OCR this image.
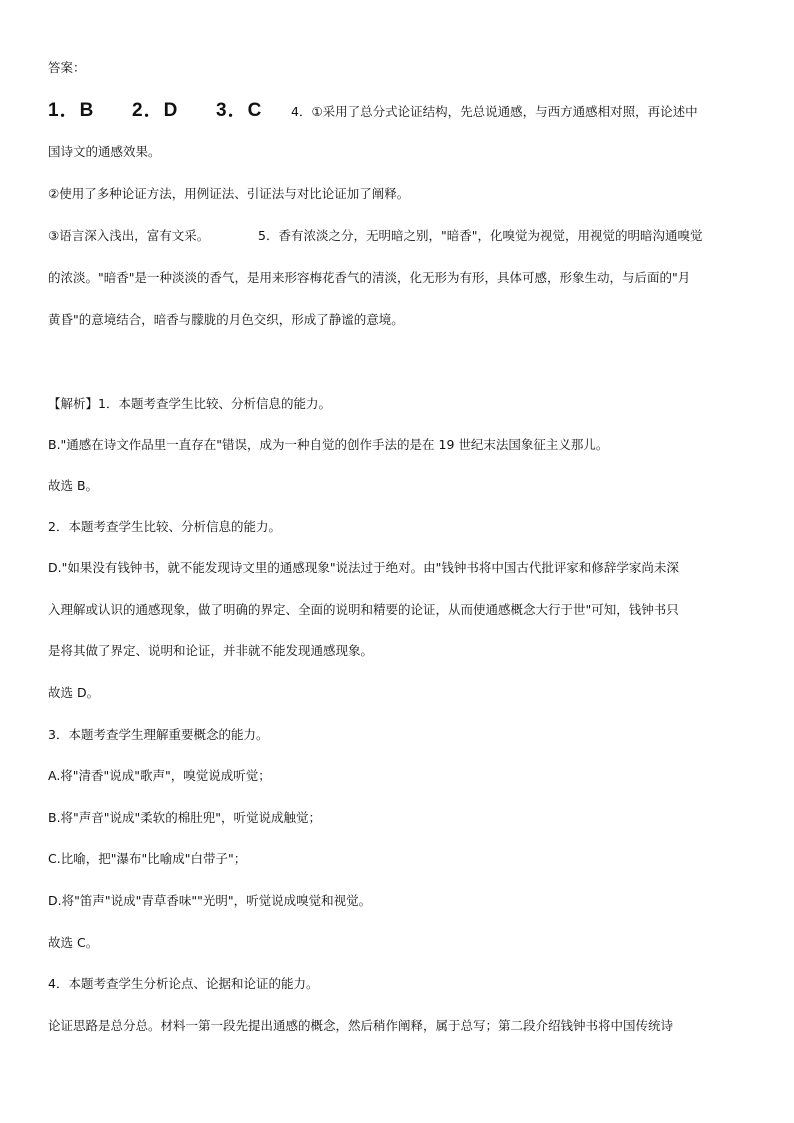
答案：
1．B 2．D 3．C 4．①采用了总分式论证结构，先总说通感，与西方通感相对照，再论述中
国诗文的通感效果。
②使用了多种论证方法，用例证法、引证法与对比论证加了阐释。
③语言深入浅出，富有文采。	5．香有浓淡之分，无明暗之别，"暗香"，化嗅觉为视觉，用视觉的明暗沟通嗅觉
的浓淡。"暗香"是一种淡淡的香气，是用来形容梅花香气的清淡，化无形为有形，具体可感，形象生动，与后面的"月
黄昏"的意境结合，暗香与朦胧的月色交织，形成了静谧的意境。
【解析】1．本题考查学生比较、分析信息的能力。
B."通感在诗文作品里一直存在"错误，成为一种自觉的创作手法的是在 19 世纪末法国象征主义那儿。
故选 B。
2．本题考查学生比较、分析信息的能力。
D."如果没有钱钟书，就不能发现诗文里的通感现象"说法过于绝对。由"钱钟书将中国古代批评家和修辞学家尚未深
入理解或认识的通感现象，做了明确的界定、全面的说明和精要的论证，从而使通感概念大行于世"可知，钱钟书只
是将其做了界定、说明和论证，并非就不能发现通感现象。
故选 D。
3．本题考查学生理解重要概念的能力。
A.将"清香"说成"歌声"，嗅觉说成听觉；
B.将"声音"说成"柔软的棉肚兜"，听觉说成触觉；
C.比喻，把"瀑布"比喻成"白带子"；
D.将"笛声"说成"青草香味""光明"，听觉说成嗅觉和视觉。
故选 C。
4．本题考查学生分析论点、论据和论证的能力。
论证思路是总分总。材料一第一段先提出通感的概念，然后稍作阐释，属于总写；第二段介绍钱钟书将中国传统诗
